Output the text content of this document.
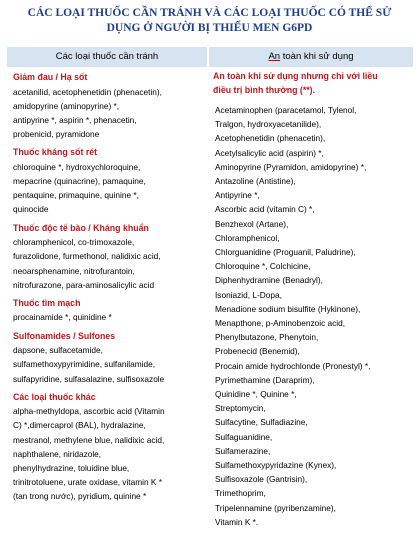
CÁC LOẠI THUỐC CẦN TRÁNH VÀ CÁC LOẠI THUỐC CÓ THỂ SỬ
DỤNG Ở NGƯỜI BỊ THIẾU MEN G6PD
Các loại thuốc cần tránh	An toàn khi sử dụng
Giảm đau / Hạ sốt
acetanilid, acetophenetidin (phenacetin),
amidopyrine (aminopyrine) *,
antipyrine *, aspirin *, phenacetin,
probenicid, pyramidone
Thuốc kháng sốt rét
chloroquine *, hydroxychloroquine,
mepacrine (quinacrine), pamaquine,
pentaquine, primaquine, quinine *,
quinocide
Thuốc độc tế bào / Kháng khuẩn
chloramphenicol, co-trimoxazole,
furazolidone, furmethonol, nalidixic acid,
neoarsphenamine, nitrofurantoin,
nitrofurazone, para-aminosalicylic acid
Thuốc tim mạch
procainamide *, quinidine *
Sulfonamides / Sulfones
dapsone, sulfacetamide,
sulfamethoxypyrimidine, sulfanilamide,
sulfapyridine, sulfasalazine, sulfisoxazole
Các loại thuốc khác
alpha-methyldopa, ascorbic acid (Vitamin
C) *,dimercaprol (BAL), hydralazine,
mestranol, methylene blue, nalidixic acid,
naphthalene, niridazole,
phenylhydrazine, toluidine blue,
trinitrotoluene, urate oxidase, vitamin K *
(tan trong nước), pyridium, quinine *
An toàn khi sử dụng nhưng chỉ với liều
điều trị bình thường (**).
Acetaminophen (paracetamol, Tylenol,
Tralgon, hydroxyacetanilide),
Acetophenetidin (phenacetin),
Acetylsalicylic acid (aspirin) *,
Aminopyrine (Pyramidon, amidopyrine) *,
Antazoline (Antistine),
Antipyrine *,
Ascorbic acid (vitamin C) *,
Benzhexol (Artane),
Chloramphenicol,
Chlorguanidine (Proguanil, Paludrine),
Chloroquine *, Colchicine,
Diphenhydramine (Benadryl),
Isoniazid, L-Dopa,
Menadione sodium bisulfite (Hykinone),
Menapthone, p-Aminobenzoic acid,
Phenylbutazone, Phenytoin,
Probenecid (Benemid),
Procain amide hydrochlonde (Pronestyl) *,
Pyrimethamine (Daraprim),
Quinidine *, Quinine *,
Streptomycin,
Sulfacytine, Sulfadiazine,
Sulfaguanidine,
Sulfamerazine,
Sulfamethoxypyridazine (Kynex),
Sulfisoxazole (Gantrisin),
Trimethoprim,
Tripelennamine (pyribenzamine),
Vitamin K *.
